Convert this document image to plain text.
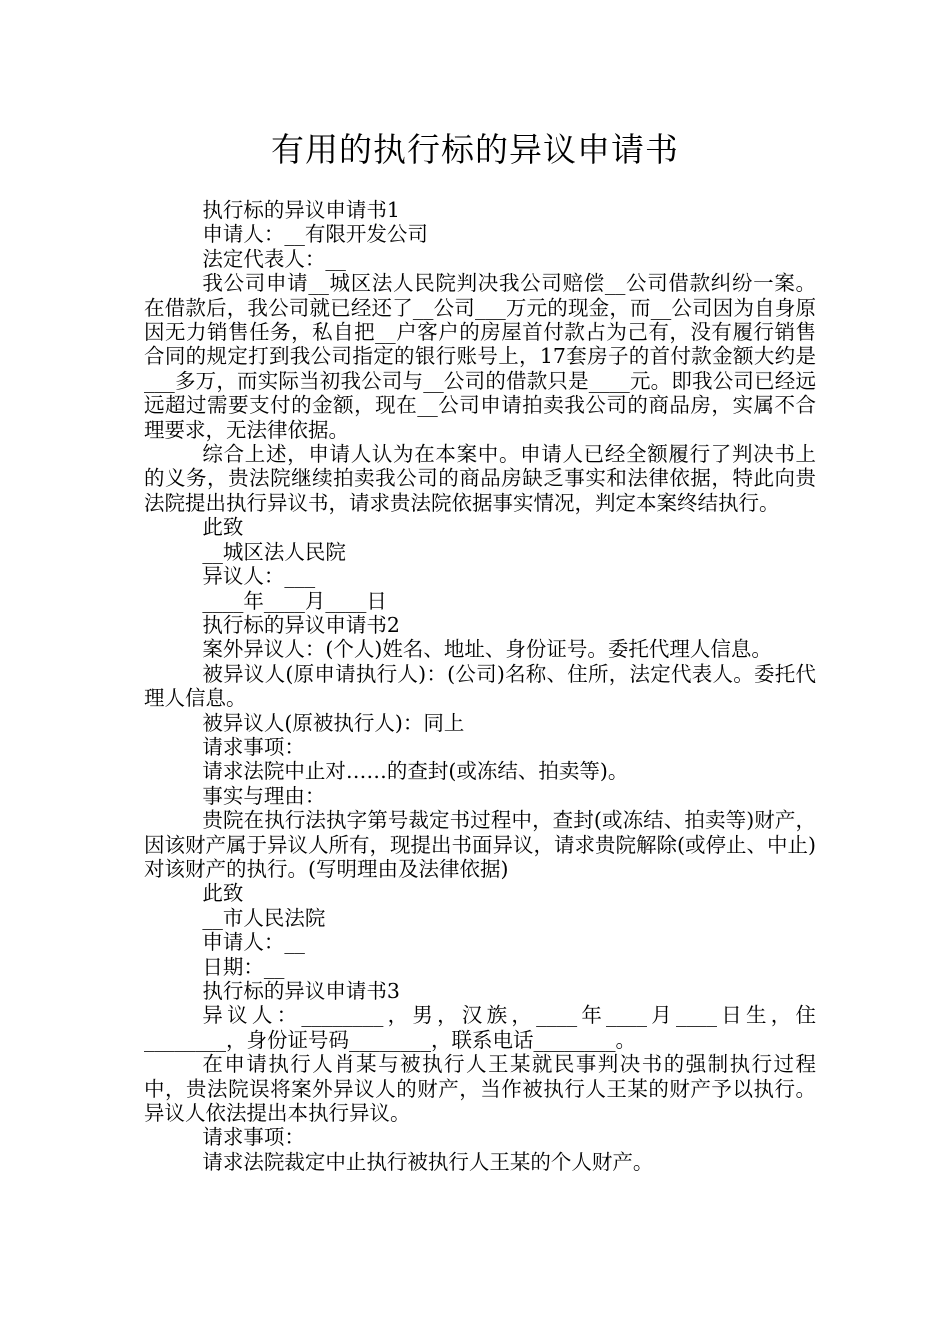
有用的执行标的异议申请书

执行标的异议申请书1

申请人：__有限开发公司

法定代表人：__

我公司申请__城区法人民院判决我公司赔偿__公司借款纠纷一案。在借款后，我公司就已经还了__公司___万元的现金，而__公司因为自身原因无力销售任务，私自把__户客户的房屋首付款占为己有，没有履行销售合同的规定打到我公司指定的银行账号上，17套房子的首付款金额大约是___多万，而实际当初我公司与__公司的借款只是____元。即我公司已经远远超过需要支付的金额，现在__公司申请拍卖我公司的商品房，实属不合理要求，无法律依据。

综合上述，申请人认为在本案中。申请人已经全额履行了判决书上的义务，贵法院继续拍卖我公司的商品房缺乏事实和法律依据，特此向贵法院提出执行异议书，请求贵法院依据事实情况，判定本案终结执行。

此致

__城区法人民院

异议人：___

____年____月____日

执行标的异议申请书2

案外异议人：(个人)姓名、地址、身份证号。委托代理人信息。

被异议人(原申请执行人)：(公司)名称、住所，法定代表人。委托代理人信息。

被异议人(原被执行人)：同上

请求事项：

请求法院中止对……的查封(或冻结、拍卖等)。

事实与理由：

贵院在执行法执字第号裁定书过程中，查封(或冻结、拍卖等)财产，因该财产属于异议人所有，现提出书面异议，请求贵院解除(或停止、中止)对该财产的执行。(写明理由及法律依据)

此致

__市人民法院

申请人：__

日期：__

执行标的异议申请书3

异议人：________，男，汉族，____年____月____日生，住________，身份证号码________，联系电话________。

在申请执行人肖某与被执行人王某就民事判决书的强制执行过程中，贵法院误将案外异议人的财产，当作被执行人王某的财产予以执行。异议人依法提出本执行异议。

请求事项：

请求法院裁定中止执行被执行人王某的个人财产。
